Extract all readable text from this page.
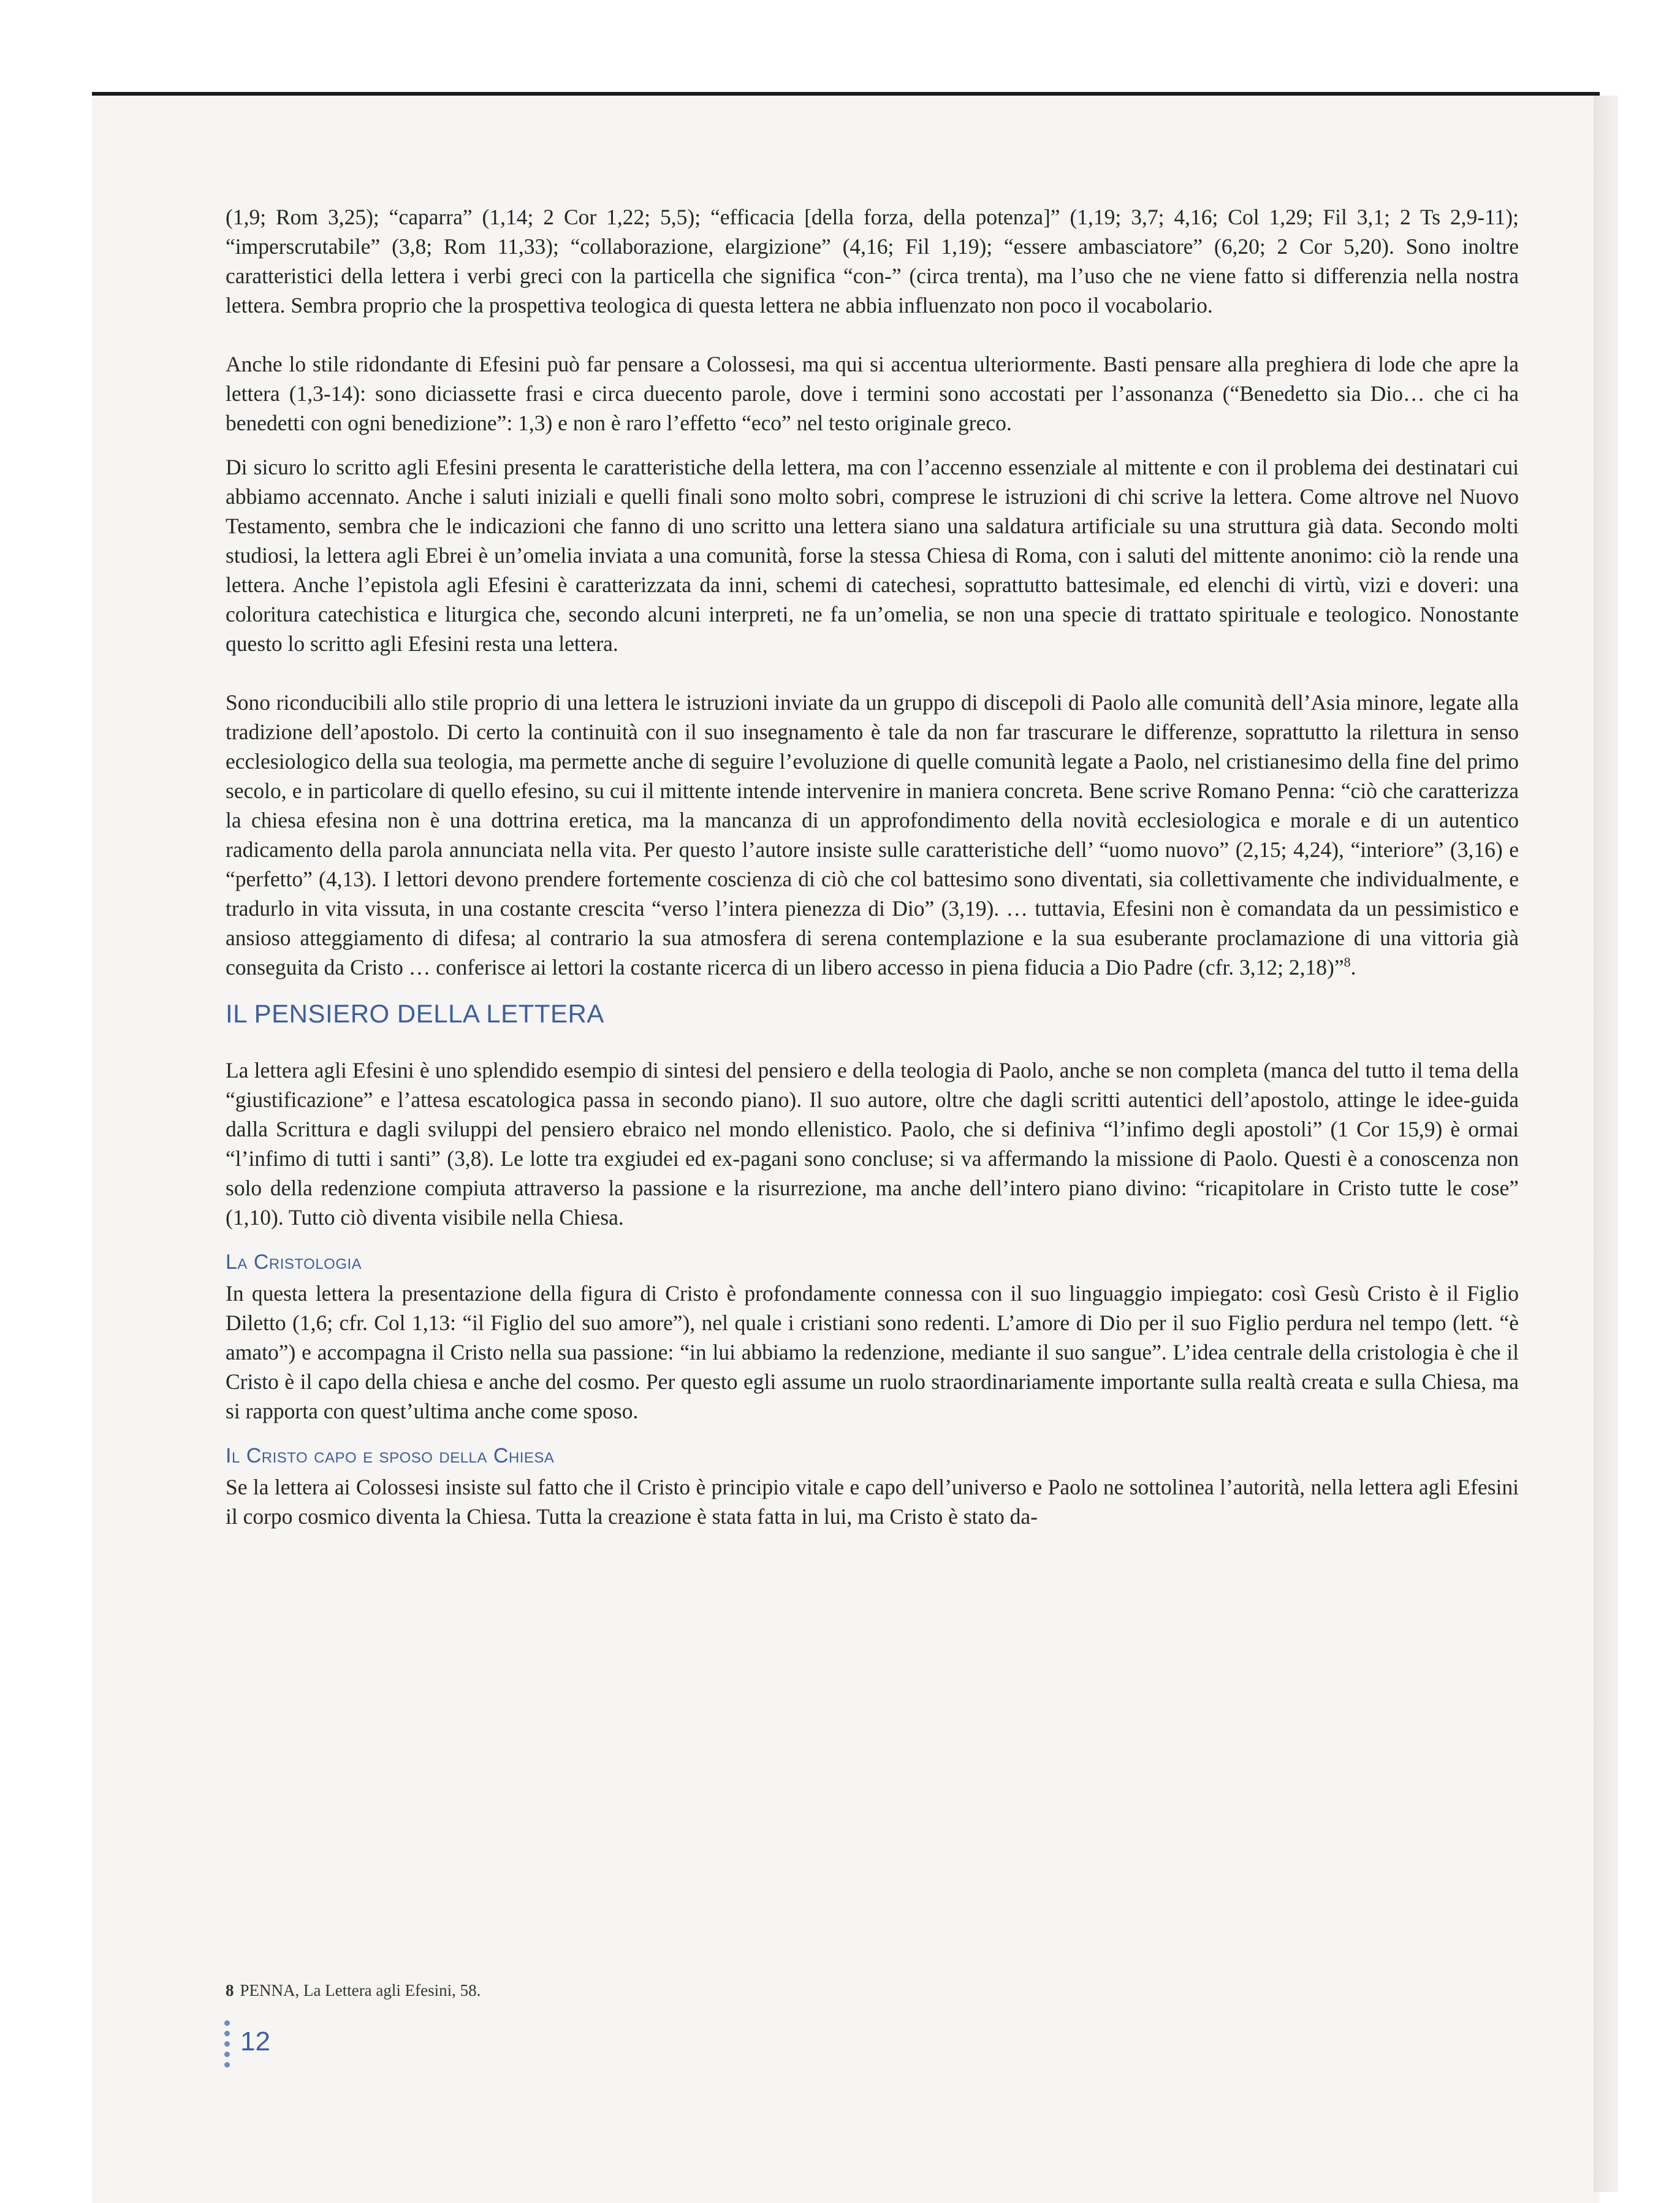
(1,9; Rom 3,25); “caparra” (1,14; 2 Cor 1,22; 5,5); “efficacia [della forza, della potenza]” (1,19; 3,7; 4,16; Col 1,29; Fil 3,1; 2 Ts 2,9-11); “imperscrutabile” (3,8; Rom 11,33); “collaborazione, elargizione” (4,16; Fil 1,19); “essere ambasciatore” (6,20; 2 Cor 5,20). Sono inoltre caratteristici della lettera i verbi greci con la particella che significa “con-” (circa trenta), ma l’uso che ne viene fatto si differenzia nella nostra lettera. Sembra proprio che la prospettiva teologica di questa lettera ne abbia influenzato non poco il vocabolario.

Anche lo stile ridondante di Efesini può far pensare a Colossesi, ma qui si accentua ulteriormente. Basti pensare alla preghiera di lode che apre la lettera (1,3-14): sono diciassette frasi e circa duecento parole, dove i termini sono accostati per l’assonanza (“Benedetto sia Dio… che ci ha benedetti con ogni benedizione”: 1,3) e non è raro l’effetto “eco” nel testo originale greco.

Di sicuro lo scritto agli Efesini presenta le caratteristiche della lettera, ma con l’accenno essenziale al mittente e con il problema dei destinatari cui abbiamo accennato. Anche i saluti iniziali e quelli finali sono molto sobri, comprese le istruzioni di chi scrive la lettera. Come altrove nel Nuovo Testamento, sembra che le indicazioni che fanno di uno scritto una lettera siano una saldatura artificiale su una struttura già data. Secondo molti studiosi, la lettera agli Ebrei è un’omelia inviata a una comunità, forse la stessa Chiesa di Roma, con i saluti del mittente anonimo: ciò la rende una lettera. Anche l’epistola agli Efesini è caratterizzata da inni, schemi di catechesi, soprattutto battesimale, ed elenchi di virtù, vizi e doveri: una coloritura catechistica e liturgica che, secondo alcuni interpreti, ne fa un’omelia, se non una specie di trattato spirituale e teologico. Nonostante questo lo scritto agli Efesini resta una lettera.

Sono riconducibili allo stile proprio di una lettera le istruzioni inviate da un gruppo di discepoli di Paolo alle comunità dell’Asia minore, legate alla tradizione dell’apostolo. Di certo la continuità con il suo insegnamento è tale da non far trascurare le differenze, soprattutto la rilettura in senso ecclesiologico della sua teologia, ma permette anche di seguire l’evoluzione di quelle comunità legate a Paolo, nel cristianesimo della fine del primo secolo, e in particolare di quello efesino, su cui il mittente intende intervenire in maniera concreta. Bene scrive Romano Penna: “ciò che caratterizza la chiesa efesina non è una dottrina eretica, ma la mancanza di un approfondimento della novità ecclesiologica e morale e di un autentico radicamento della parola annunciata nella vita. Per questo l’autore insiste sulle caratteristiche dell’ “uomo nuovo” (2,15; 4,24), “interiore” (3,16) e “perfetto” (4,13). I lettori devono prendere fortemente coscienza di ciò che col battesimo sono diventati, sia collettivamente che individualmente, e tradurlo in vita vissuta, in una costante crescita “verso l’intera pienezza di Dio” (3,19). … tuttavia, Efesini non è comandata da un pessimistico e ansioso atteggiamento di difesa; al contrario la sua atmosfera di serena contemplazione e la sua esuberante proclamazione di una vittoria già conseguita da Cristo … conferisce ai lettori la costante ricerca di un libero accesso in piena fiducia a Dio Padre (cfr. 3,12; 2,18)”$^8$.

IL PENSIERO DELLA LETTERA

La lettera agli Efesini è uno splendido esempio di sintesi del pensiero e della teologia di Paolo, anche se non completa (manca del tutto il tema della “giustificazione” e l’attesa escatologica passa in secondo piano). Il suo autore, oltre che dagli scritti autentici dell’apostolo, attinge le idee-guida dalla Scrittura e dagli sviluppi del pensiero ebraico nel mondo ellenistico. Paolo, che si definiva “l’infimo degli apostoli” (1 Cor 15,9) è ormai “l’infimo di tutti i santi” (3,8). Le lotte tra exgiudei ed ex-pagani sono concluse; si va affermando la missione di Paolo. Questi è a conoscenza non solo della redenzione compiuta attraverso la passione e la risurrezione, ma anche dell’intero piano divino: “ricapitolare in Cristo tutte le cose” (1,10). Tutto ciò diventa visibile nella Chiesa.

La Cristologia

In questa lettera la presentazione della figura di Cristo è profondamente connessa con il suo linguaggio impiegato: così Gesù Cristo è il Figlio Diletto (1,6; cfr. Col 1,13: “il Figlio del suo amore”), nel quale i cristiani sono redenti. L’amore di Dio per il suo Figlio perdura nel tempo (lett. “è amato”) e accompagna il Cristo nella sua passione: “in lui abbiamo la redenzione, mediante il suo sangue”. L’idea centrale della cristologia è che il Cristo è il capo della chiesa e anche del cosmo. Per questo egli assume un ruolo straordinariamente importante sulla realtà creata e sulla Chiesa, ma si rapporta con quest’ultima anche come sposo.

Il Cristo capo e sposo della Chiesa

Se la lettera ai Colossesi insiste sul fatto che il Cristo è principio vitale e capo dell’universo e Paolo ne sottolinea l’autorità, nella lettera agli Efesini il corpo cosmico diventa la Chiesa. Tutta la creazione è stata fatta in lui, ma Cristo è stato da-

8 PENNA, La Lettera agli Efesini, 58.
12
